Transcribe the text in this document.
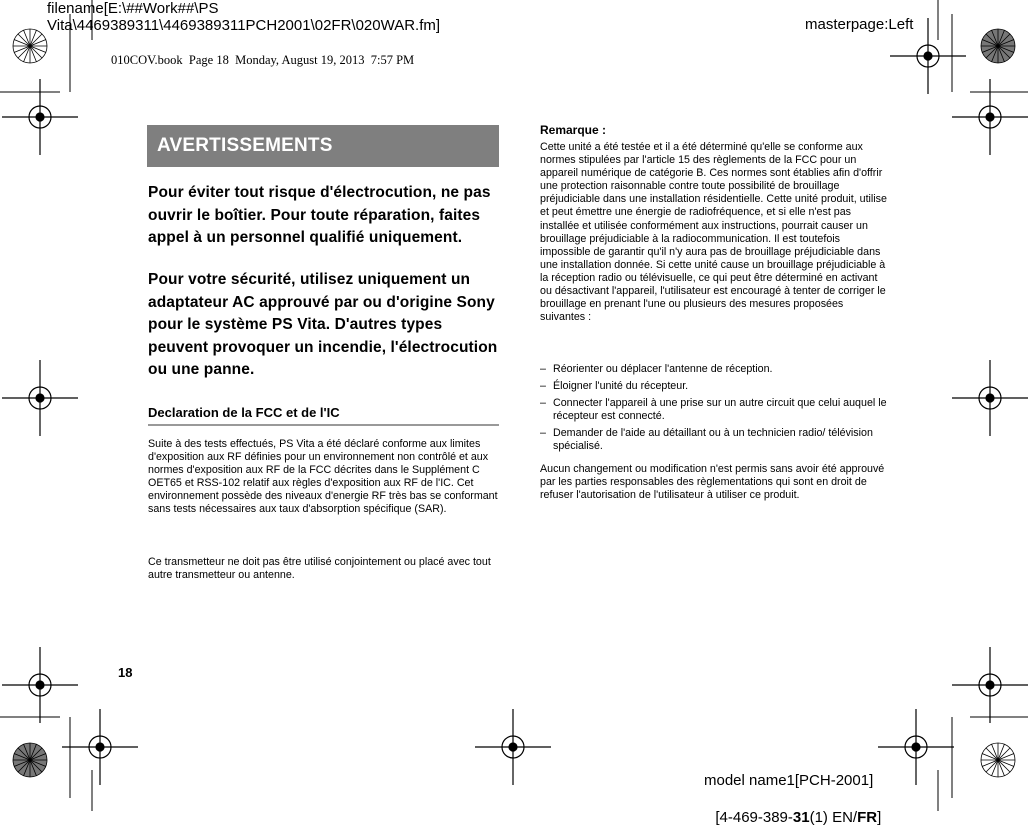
filename[E:\##Work##\PS
Vita\4469389311\4469389311PCH2001\02FR\020WAR.fm]	masterpage:Left
010COV.book  Page 18  Monday, August 19, 2013  7:57 PM
AVERTISSEMENTS
Pour éviter tout risque d'électrocution, ne pas ouvrir le boîtier. Pour toute réparation, faites appel à un personnel qualifié uniquement.
Pour votre sécurité, utilisez uniquement un adaptateur AC approuvé par ou d'origine Sony pour le système PS Vita. D'autres types peuvent provoquer un incendie, l'électrocution ou une panne.
Declaration de la FCC et de l'IC
Suite à des tests effectués, PS Vita a été déclaré conforme aux limites d'exposition aux RF définies pour un environnement non contrôlé et aux normes d'exposition aux RF de la FCC décrites dans le Supplément C OET65 et RSS-102 relatif aux règles d'exposition aux RF de l'IC. Cet environnement possède des niveaux d'energie RF très bas se conformant sans tests nécessaires aux taux d'absorption spécifique (SAR).
Ce transmetteur ne doit pas être utilisé conjointement ou placé avec tout autre transmetteur ou antenne.
Remarque :
Cette unité a été testée et il a été déterminé qu'elle se conforme aux normes stipulées par l'article 15 des règlements de la FCC pour un appareil numérique de catégorie B. Ces normes sont établies afin d'offrir une protection raisonnable contre toute possibilité de brouillage préjudiciable dans une installation résidentielle. Cette unité produit, utilise et peut émettre une énergie de radiofréquence, et si elle n'est pas installée et utilisée conformément aux instructions, pourrait causer un brouillage préjudiciable à la radiocommunication. Il est toutefois impossible de garantir qu'il n'y aura pas de brouillage préjudiciable dans une installation donnée. Si cette unité cause un brouillage préjudiciable à la réception radio ou télévisuelle, ce qui peut être déterminé en activant ou désactivant l'appareil, l'utilisateur est encouragé à tenter de corriger le brouillage en prenant l'une ou plusieurs des mesures proposées suivantes :
– Réorienter ou déplacer l'antenne de réception.
– Éloigner l'unité du récepteur.
– Connecter l'appareil à une prise sur un autre circuit que celui auquel le récepteur est connecté.
– Demander de l'aide au détaillant ou à un technicien radio/ télévision spécialisé.
Aucun changement ou modification n'est permis sans avoir été approuvé par les parties responsables des règlementations qui sont en droit de refuser l'autorisation de l'utilisateur à utiliser ce produit.
18
model name1[PCH-2001]

[4-469-389-31(1) EN/FR]
